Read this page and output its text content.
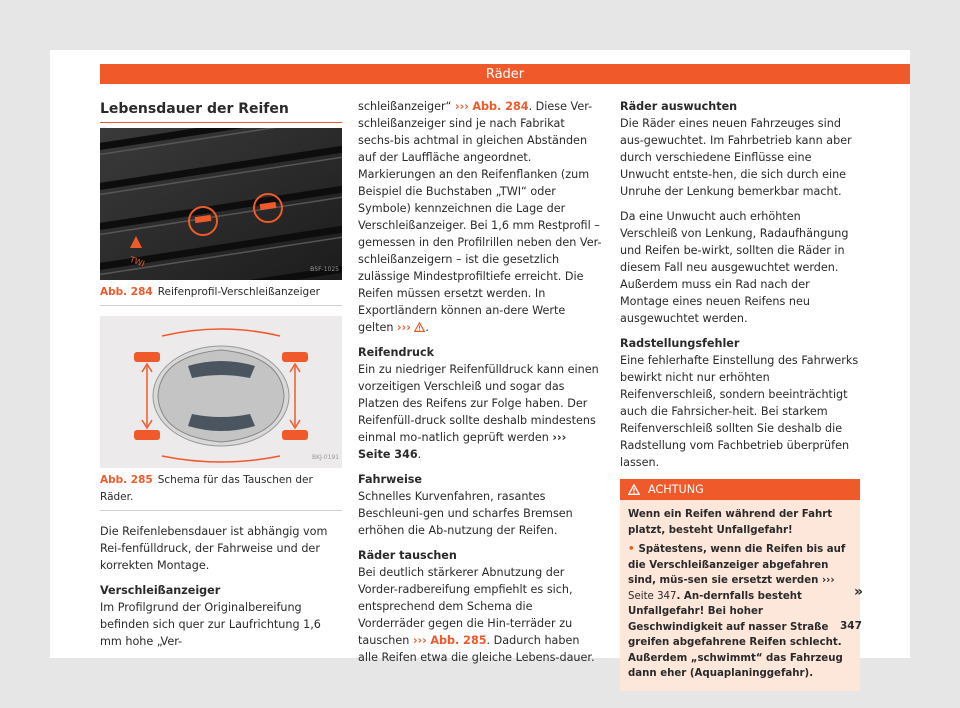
Räder
Lebensdauer der Reifen
TWI
B5F-1025
Abb. 284 Reifenprofil-Verschleißanzeiger
BKJ-0191
Abb. 285 Schema für das Tauschen der Räder.

Die Reifenlebensdauer ist abhängig vom Rei-fenfülldruck, der Fahrweise und der korrekten Montage.

Verschleißanzeiger

Im Profilgrund der Originalbereifung befinden sich quer zur Laufrichtung 1,6 mm hohe „Ver-

schleißanzeiger“ ››› Abb. 284. Diese Ver-schleißanzeiger sind je nach Fabrikat sechs-bis achtmal in gleichen Abständen auf der Lauffläche angeordnet. Markierungen an den Reifenflanken (zum Beispiel die Buchstaben „TWI“ oder Symbole) kennzeichnen die Lage der Verschleißanzeiger. Bei 1,6 mm Restprofil – gemessen in den Profilrillen neben den Ver-schleißanzeigern – ist die gesetzlich zulässige Mindestprofiltiefe erreicht. Die Reifen müssen ersetzt werden. In Exportländern können an-dere Werte gelten ››› .

Reifendruck

Ein zu niedriger Reifenfülldruck kann einen vorzeitigen Verschleiß und sogar das Platzen des Reifens zur Folge haben. Der Reifenfüll-druck sollte deshalb mindestens einmal mo-natlich geprüft werden ››› Seite 346.

Fahrweise

Schnelles Kurvenfahren, rasantes Beschleuni-gen und scharfes Bremsen erhöhen die Ab-nutzung der Reifen.

Räder tauschen

Bei deutlich stärkerer Abnutzung der Vorder-radbereifung empfiehlt es sich, entsprechend dem Schema die Vorderräder gegen die Hin-terräder zu tauschen ››› Abb. 285. Dadurch haben alle Reifen etwa die gleiche Lebens-dauer.

Räder auswuchten

Die Räder eines neuen Fahrzeuges sind aus-gewuchtet. Im Fahrbetrieb kann aber durch verschiedene Einflüsse eine Unwucht entste-hen, die sich durch eine Unruhe der Lenkung bemerkbar macht.

Da eine Unwucht auch erhöhten Verschleiß von Lenkung, Radaufhängung und Reifen be-wirkt, sollten die Räder in diesem Fall neu ausgewuchtet werden. Außerdem muss ein Rad nach der Montage eines neuen Reifens neu ausgewuchtet werden.

Radstellungsfehler

Eine fehlerhafte Einstellung des Fahrwerks bewirkt nicht nur erhöhten Reifenverschleiß, sondern beeinträchtigt auch die Fahrsicher-heit. Bei starkem Reifenverschleiß sollten Sie deshalb die Radstellung vom Fachbetrieb überprüfen lassen.

ACHTUNG

Wenn ein Reifen während der Fahrt platzt, besteht Unfallgefahr!

• Spätestens, wenn die Reifen bis auf die Verschleißanzeiger abgefahren sind, müs-sen sie ersetzt werden ››› Seite 347. An-dernfalls besteht Unfallgefahr! Bei hoher Geschwindigkeit auf nasser Straße greifen abgefahrene Reifen schlecht. Außerdem „schwimmt“ das Fahrzeug dann eher (Aquaplaninggefahr).

»
347
